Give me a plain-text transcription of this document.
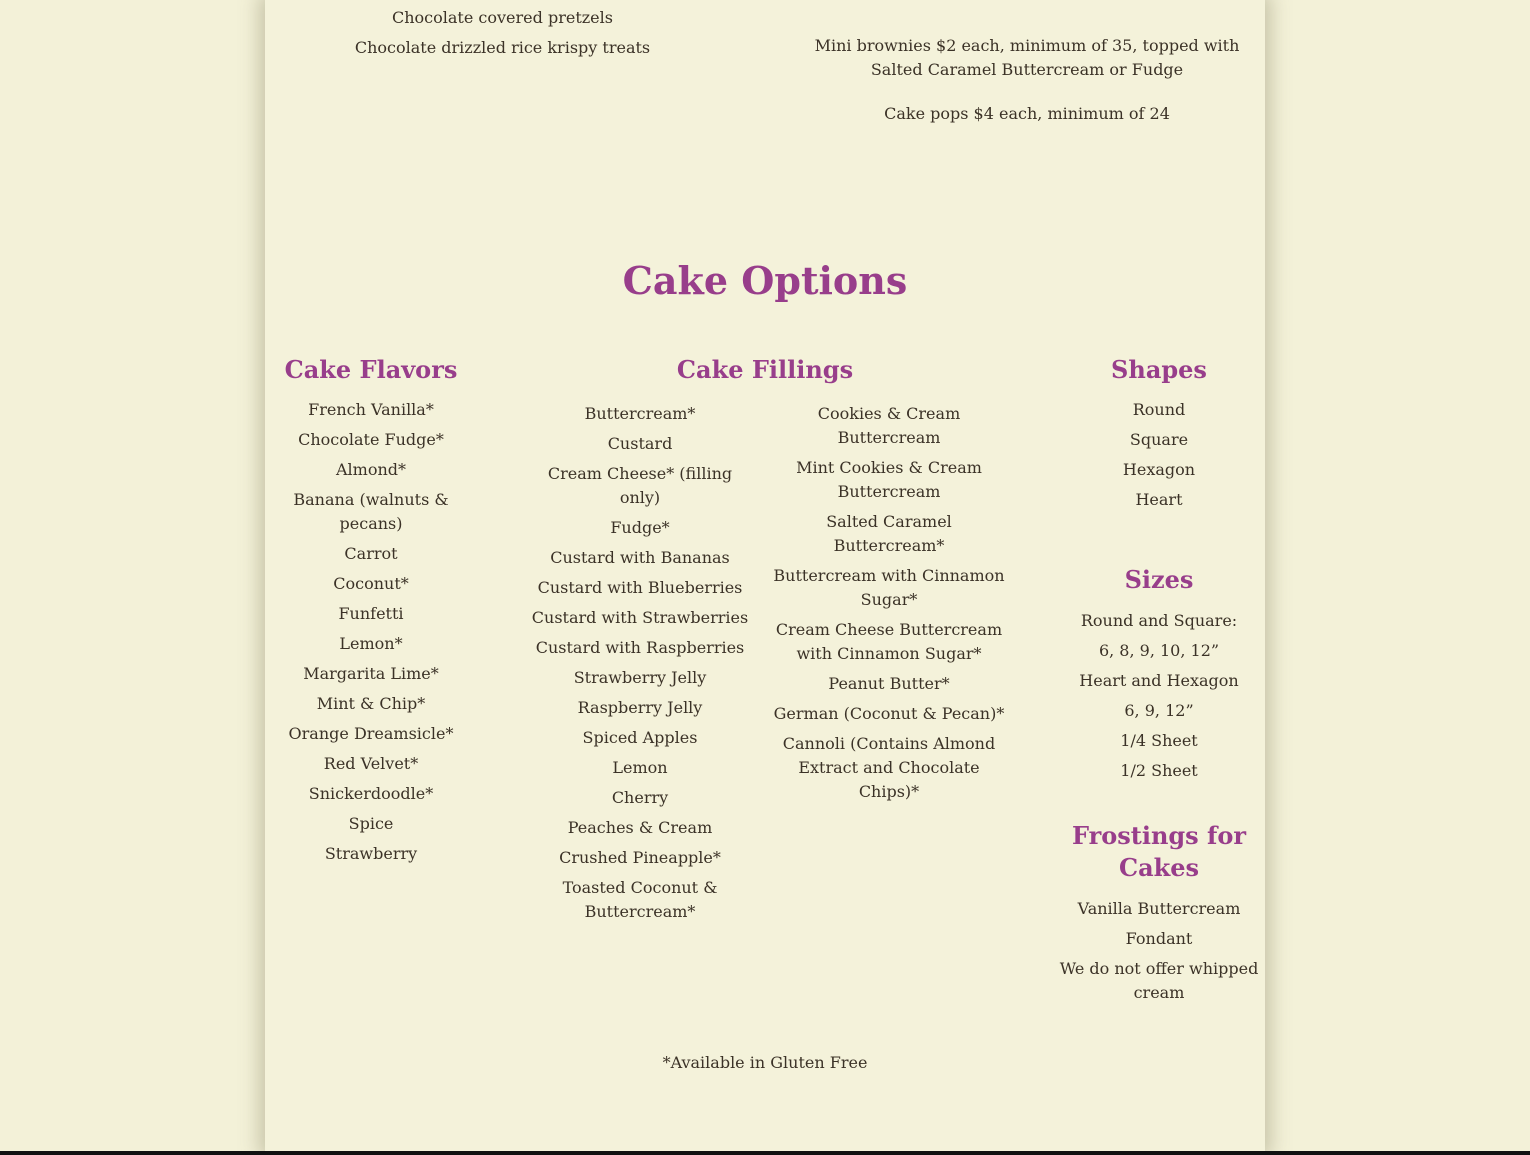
Chocolate covered pretzels
Chocolate drizzled rice krispy treats	Mini brownies $2 each, minimum of 35, topped with Salted Caramel Buttercream or Fudge
Cake pops $4 each, minimum of 24
Cake Options
Cake Flavors
French Vanilla*
Chocolate Fudge*
Almond*
Banana (walnuts & pecans)
Carrot
Coconut*
Funfetti
Lemon*
Margarita Lime*
Mint & Chip*
Orange Dreamsicle*
Red Velvet*
Snickerdoodle*
Spice
Strawberry
Cake Fillings
Buttercream*
Custard
Cream Cheese* (filling only)
Fudge*
Custard with Bananas
Custard with Blueberries
Custard with Strawberries
Custard with Raspberries
Strawberry Jelly
Raspberry Jelly
Spiced Apples
Lemon
Cherry
Peaches & Cream
Crushed Pineapple*
Toasted Coconut & Buttercream*
Cookies & Cream Buttercream
Mint Cookies & Cream Buttercream
Salted Caramel Buttercream*
Buttercream with Cinnamon Sugar*
Cream Cheese Buttercream with Cinnamon Sugar*
Peanut Butter*
German (Coconut & Pecan)*
Cannoli (Contains Almond Extract and Chocolate Chips)*
Shapes
Round
Square
Hexagon
Heart
Sizes
Round and Square:
6, 8, 9, 10, 12”
Heart and Hexagon
6, 9, 12”
1/4 Sheet
1/2 Sheet
Frostings for Cakes
Vanilla Buttercream
Fondant
We do not offer whipped cream
*Available in Gluten Free
